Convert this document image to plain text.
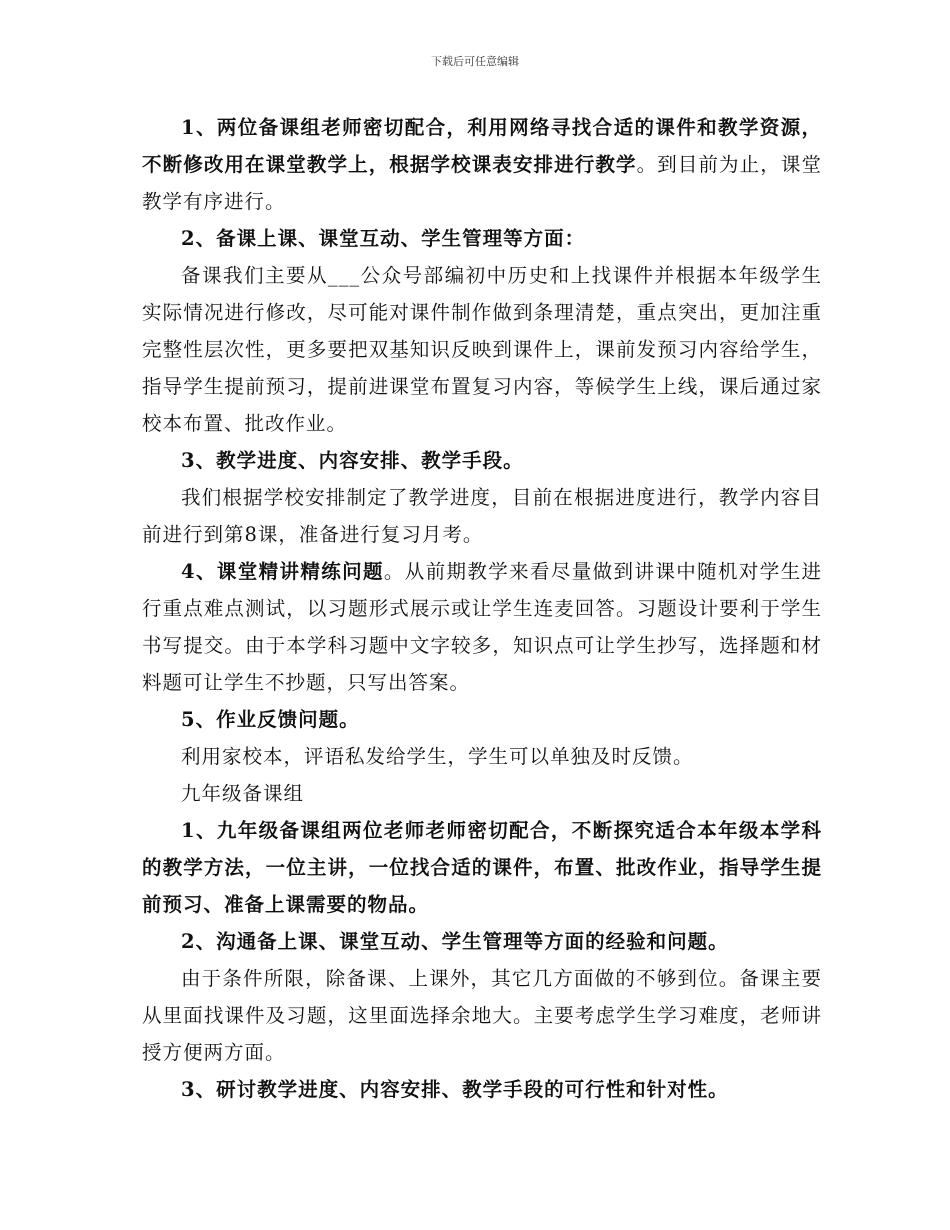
下载后可任意编辑

1、两位备课组老师密切配合，利用网络寻找合适的课件和教学资源，不断修改用在课堂教学上，根据学校课表安排进行教学。到目前为止，课堂教学有序进行。

2、备课上课、课堂互动、学生管理等方面：

备课我们主要从___公众号部编初中历史和上找课件并根据本年级学生实际情况进行修改，尽可能对课件制作做到条理清楚，重点突出，更加注重完整性层次性，更多要把双基知识反映到课件上，课前发预习内容给学生，指导学生提前预习，提前进课堂布置复习内容，等候学生上线，课后通过家校本布置、批改作业。

3、教学进度、内容安排、教学手段。

我们根据学校安排制定了教学进度，目前在根据进度进行，教学内容目前进行到第8课，准备进行复习月考。

4、课堂精讲精练问题。从前期教学来看尽量做到讲课中随机对学生进行重点难点测试，以习题形式展示或让学生连麦回答。习题设计要利于学生书写提交。由于本学科习题中文字较多，知识点可让学生抄写，选择题和材料题可让学生不抄题，只写出答案。

5、作业反馈问题。

利用家校本，评语私发给学生，学生可以单独及时反馈。

九年级备课组

1、九年级备课组两位老师老师密切配合，不断探究适合本年级本学科的教学方法，一位主讲，一位找合适的课件，布置、批改作业，指导学生提前预习、准备上课需要的物品。

2、沟通备上课、课堂互动、学生管理等方面的经验和问题。

由于条件所限，除备课、上课外，其它几方面做的不够到位。备课主要从里面找课件及习题，这里面选择余地大。主要考虑学生学习难度，老师讲授方便两方面。

3、研讨教学进度、内容安排、教学手段的可行性和针对性。
